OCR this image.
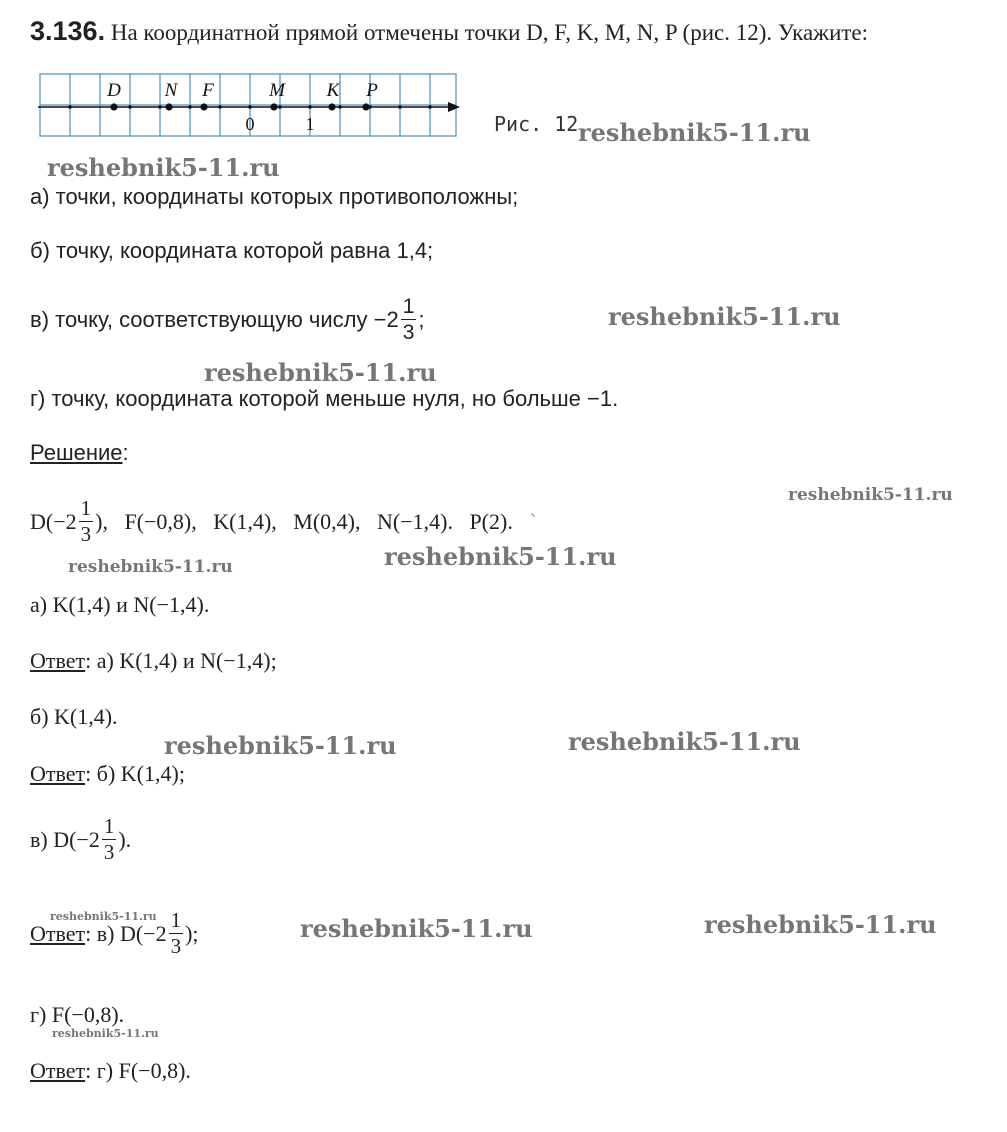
3.136. На координатной прямой отмечены точки D, F, K, M, N, P (рис. 12). Укажите:
D N F	M K P
0	1	Рис. 12
а) точки, координаты которых противоположны;
б) точку, координата которой равна 1,4;
в) точку, соответствующую числу
$-2 \frac{1}{3}$ ;
г) точку, координата которой меньше нуля, но больше −1.
Решение:
$D(-2 \frac{1}{3}$ ),
F(−0,8),   K(1,4),   M(0,4),   N(−1,4).   P(2).
`
а) K(1,4) и N(−1,4).
Ответ: а) K(1,4) и N(−1,4);
б) K(1,4).
Ответ: б) K(1,4);
в) $D(-2 \frac{1}{3}$ ).
Ответ : в) $D(-2 \frac{1}{3}$ );
г) F(−0,8).
Ответ: г) F(−0,8).
reshebnik5-11.ru
reshebnik5-11.ru
reshebnik5-11.ru
reshebnik5-11.ru
reshebnik5-11.ru
reshebnik5-11.ru
reshebnik5-11.ru
reshebnik5-11.ru	reshebnik5-11.ru
reshebnik5-11.ru	reshebnik5-11.ru	reshebnik5-11.ru
reshebnik5-11.ru
